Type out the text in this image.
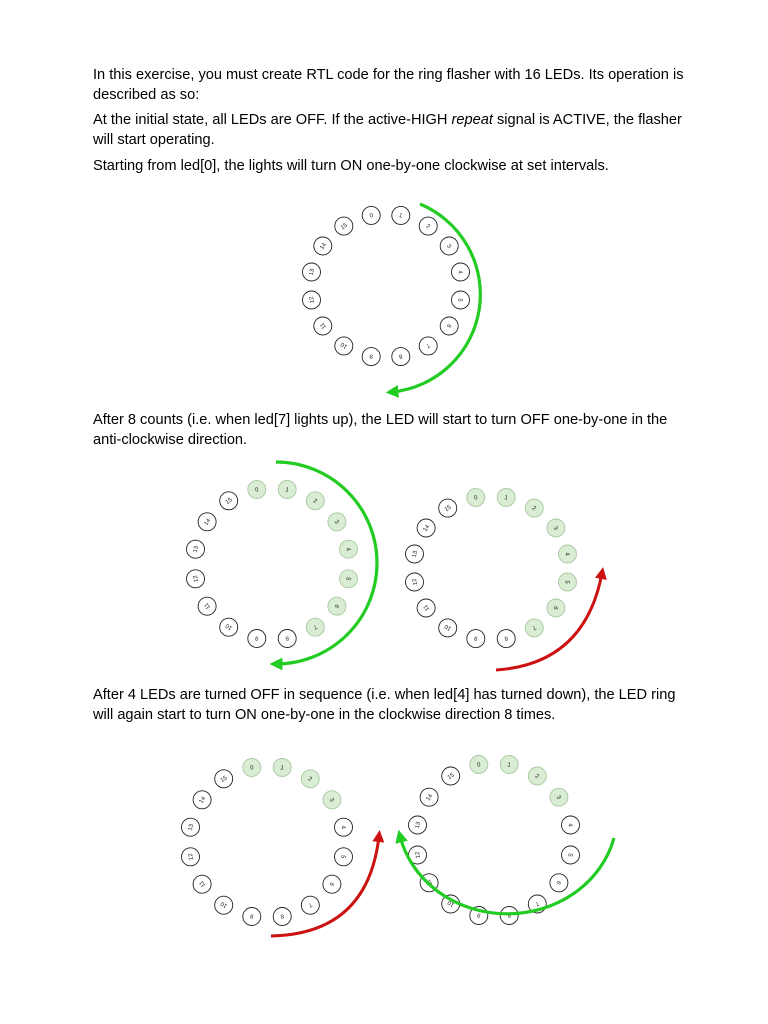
In this exercise, you must create RTL code for the ring flasher with 16 LEDs. Its operation is described as so:

At the initial state, all LEDs are OFF. If the active-HIGH repeat signal is ACTIVE, the flasher will start operating.

Starting from led[0], the lights will turn ON one-by-one clockwise at set intervals.

After 8 counts (i.e. when led[7] lights up), the LED will start to turn OFF one-by-one in the anti-clockwise direction.

After 4 LEDs are turned OFF in sequence (i.e. when led[4] has turned down), the LED ring will again start to turn ON one-by-one in the clockwise direction 8 times.

0	1
2
3
4
5
6
7
8
9
10
11
12
13
14
15
0	1
2
3
4
5
6
7
8
9
10
11
12
13
14
15	0	1
2
3
4
5
6
7
8
9
10
11
12
13
14
15
0	1
2
3
4
5
6
7
8
9
10
11
12
13
14
15
0	1
2
3
4
5
6
7
8
9
10
11
12
13
14
15
